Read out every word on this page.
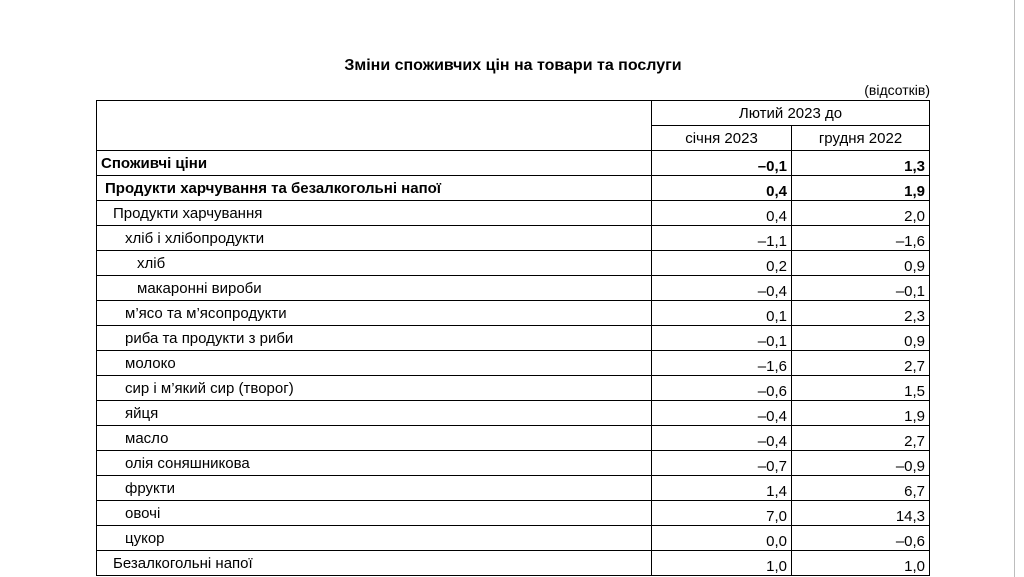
Зміни споживчих цін на товари та послуги
(відсотків)
	Лютий 2023 до	
	січня 2023	грудня 2022
Споживчі ціни	–0,1	1,3
Продукти харчування та безалкогольні напої	0,4	1,9
Продукти харчування	0,4	2,0
хліб і хлібопродукти	–1,1	–1,6
хліб	0,2	0,9
макаронні вироби	–0,4	–0,1
м’ясо та м’ясопродукти	0,1	2,3
риба та продукти з риби	–0,1	0,9
молоко	–1,6	2,7
сир і м’який сир (творог)	–0,6	1,5
яйця	–0,4	1,9
масло	–0,4	2,7
олія соняшникова	–0,7	–0,9
фрукти	1,4	6,7
овочі	7,0	14,3
цукор	0,0	–0,6
Безалкогольні напої	1,0	1,0
